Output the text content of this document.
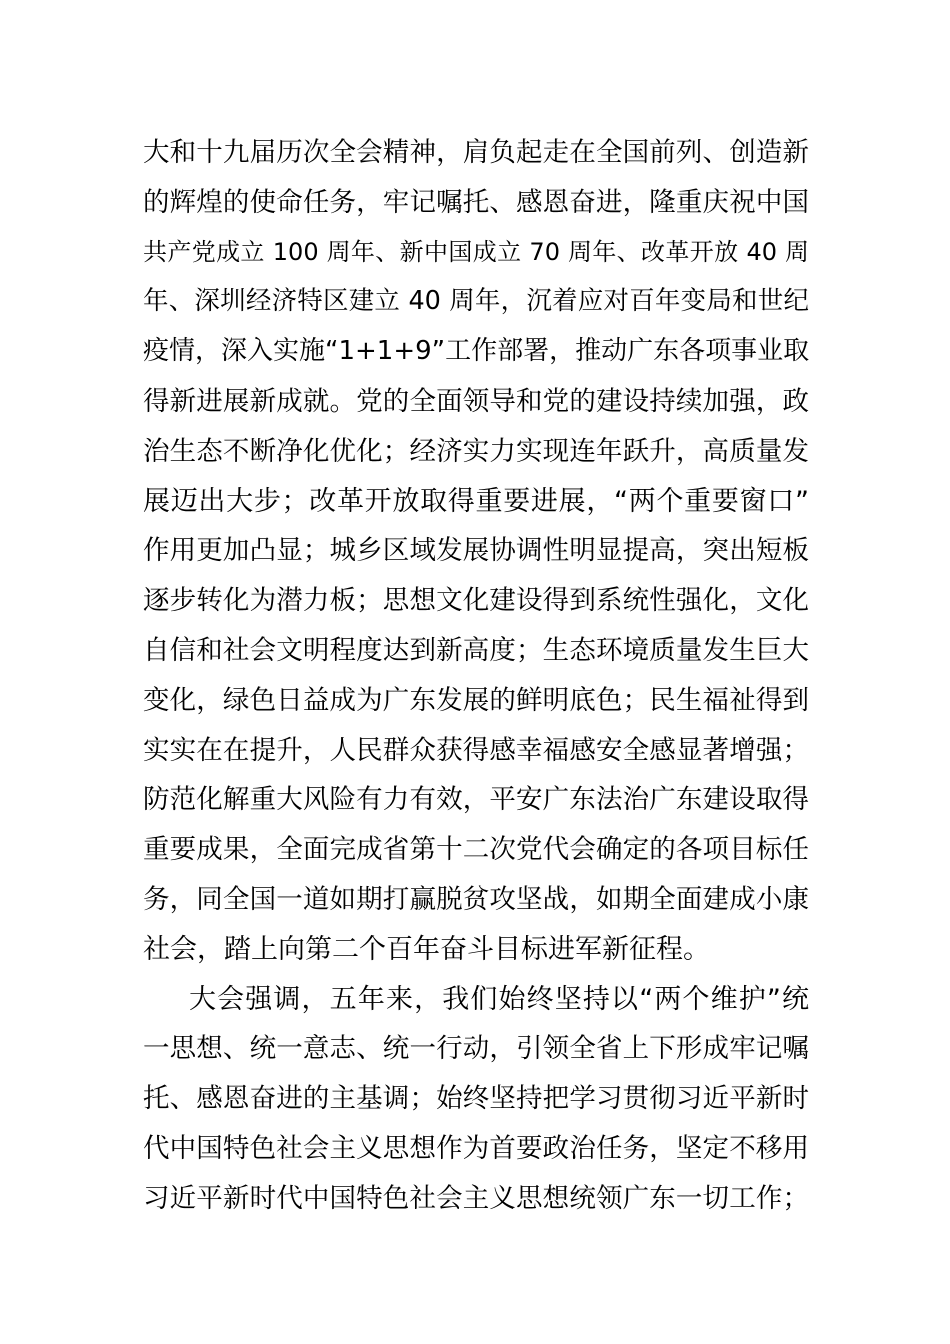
大和十九届历次全会精神，肩负起走在全国前列、创造新
的辉煌的使命任务，牢记嘱托、感恩奋进，隆重庆祝中国
共产党成立 100 周年、新中国成立 70 周年、改革开放 40 周
年、深圳经济特区建立 40 周年，沉着应对百年变局和世纪
疫情，深入实施“1+1+9”工作部署，推动广东各项事业取
得新进展新成就。党的全面领导和党的建设持续加强，政
治生态不断净化优化；经济实力实现连年跃升，高质量发
展迈出大步；改革开放取得重要进展，“两个重要窗口”
作用更加凸显；城乡区域发展协调性明显提高，突出短板
逐步转化为潜力板；思想文化建设得到系统性强化，文化
自信和社会文明程度达到新高度；生态环境质量发生巨大
变化，绿色日益成为广东发展的鲜明底色；民生福祉得到
实实在在提升，人民群众获得感幸福感安全感显著增强；
防范化解重大风险有力有效，平安广东法治广东建设取得
重要成果，全面完成省第十二次党代会确定的各项目标任
务，同全国一道如期打赢脱贫攻坚战，如期全面建成小康
社会，踏上向第二个百年奋斗目标进军新征程。
大会强调，五年来，我们始终坚持以“两个维护”统
一思想、统一意志、统一行动，引领全省上下形成牢记嘱
托、感恩奋进的主基调；始终坚持把学习贯彻习近平新时
代中国特色社会主义思想作为首要政治任务，坚定不移用
习近平新时代中国特色社会主义思想统领广东一切工作；
